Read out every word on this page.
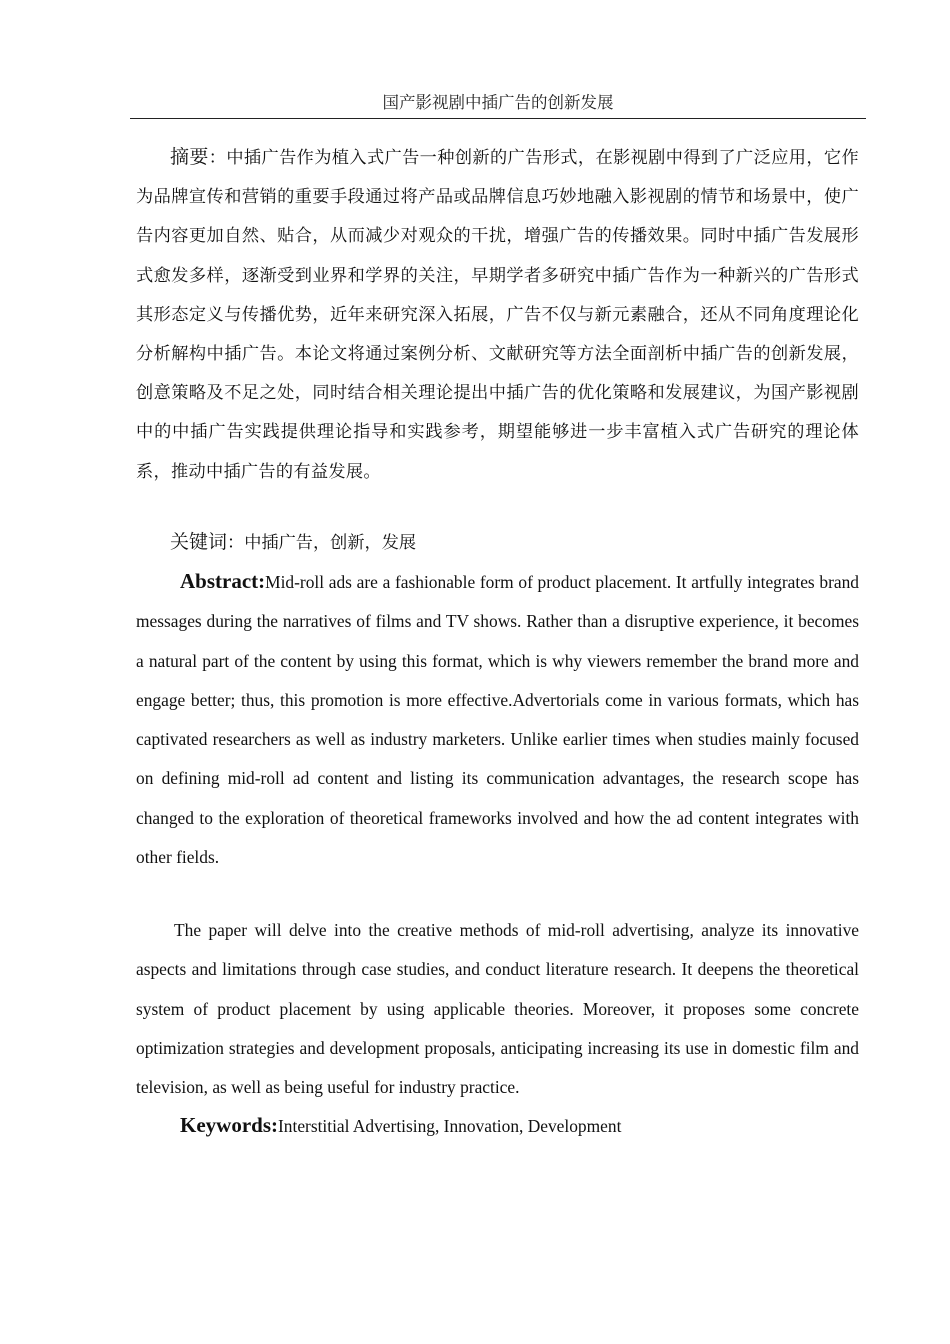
国产影视剧中插广告的创新发展

摘要：中插广告作为植入式广告一种创新的广告形式，在影视剧中得到了广泛应用，它作为品牌宣传和营销的重要手段通过将产品或品牌信息巧妙地融入影视剧的情节和场景中，使广告内容更加自然、贴合，从而减少对观众的干扰，增强广告的传播效果。同时中插广告发展形式愈发多样，逐渐受到业界和学界的关注，早期学者多研究中插广告作为一种新兴的广告形式其形态定义与传播优势，近年来研究深入拓展，广告不仅与新元素融合，还从不同角度理论化分析解构中插广告。本论文将通过案例分析、文献研究等方法全面剖析中插广告的创新发展，创意策略及不足之处，同时结合相关理论提出中插广告的优化策略和发展建议，为国产影视剧中的中插广告实践提供理论指导和实践参考，期望能够进一步丰富植入式广告研究的理论体系，推动中插广告的有益发展。

关键词：中插广告，创新，发展

Abstract:Mid-roll ads are a fashionable form of product placement. It artfully integrates brand messages during the narratives of films and TV shows. Rather than a disruptive experience, it becomes a natural part of the content by using this format, which is why viewers remember the brand more and engage better; thus, this promotion is more effective.Advertorials come in various formats, which has captivated researchers as well as industry marketers. Unlike earlier times when studies mainly focused on defining mid-roll ad content and listing its communication advantages, the research scope has changed to the exploration of theoretical frameworks involved and how the ad content integrates with other fields.

The paper will delve into the creative methods of mid-roll advertising, analyze its innovative aspects and limitations through case studies, and conduct literature research. It deepens the theoretical system of product placement by using applicable theories. Moreover, it proposes some concrete optimization strategies and development proposals, anticipating increasing its use in domestic film and television, as well as being useful for industry practice.

Keywords:Interstitial Advertising, Innovation, Development
